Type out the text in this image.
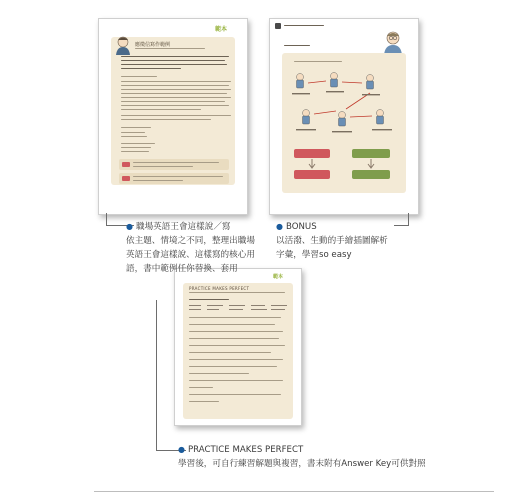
範本
應徵信寫作範例
範本
PRACTICE MAKES PERFECT
● 職場英語王會這樣說／寫
依主題、情境之不同，整理出職場
英語王會這樣說、這樣寫的核心用
語，書中範例任你替換、套用
● BONUS
以活潑、生動的手繪插圖解析
字彙，學習so easy
● PRACTICE MAKES PERFECT
學習後，可自行練習解題與複習，書末附有Answer Key可供對照
